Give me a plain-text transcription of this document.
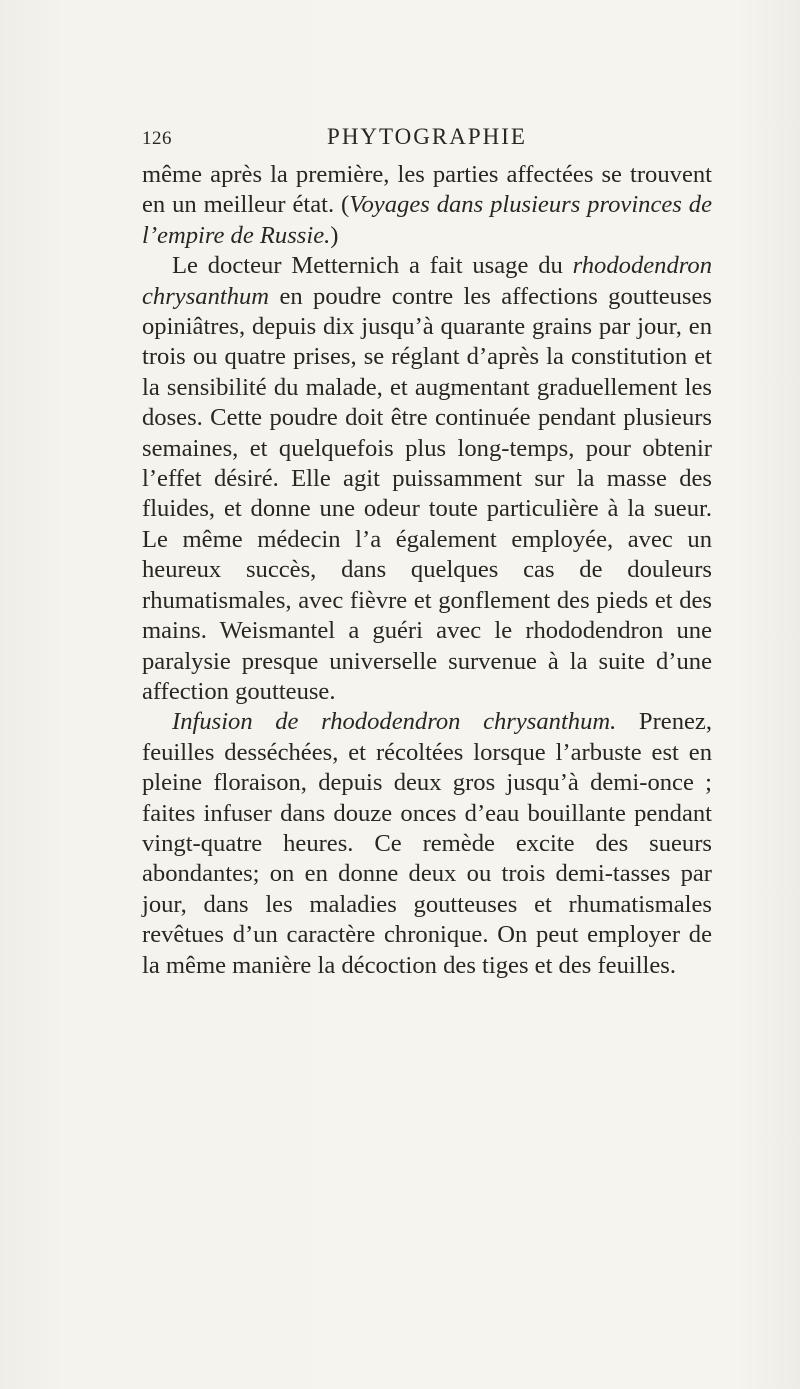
126	PHYTOGRAPHIE

même après la première, les parties affectées se trouvent en un meilleur état. (Voyages dans plusieurs provinces de l’empire de Russie.)

Le docteur Metternich a fait usage du rhododendron chrysanthum en poudre contre les affections goutteuses opiniâtres, depuis dix jusqu’à quarante grains par jour, en trois ou quatre prises, se réglant d’après la constitution et la sensibilité du malade, et augmentant graduellement les doses. Cette poudre doit être continuée pendant plusieurs semaines, et quelquefois plus long-temps, pour obtenir l’effet désiré. Elle agit puissamment sur la masse des fluides, et donne une odeur toute particulière à la sueur. Le même médecin l’a également employée, avec un heureux succès, dans quelques cas de douleurs rhumatismales, avec fièvre et gonflement des pieds et des mains. Weismantel a guéri avec le rhododendron une paralysie presque universelle survenue à la suite d’une affection goutteuse.

Infusion de rhododendron chrysanthum. Prenez, feuilles desséchées, et récoltées lorsque l’arbuste est en pleine floraison, depuis deux gros jusqu’à demi-once ; faites infuser dans douze onces d’eau bouillante pendant vingt-quatre heures. Ce remède excite des sueurs abondantes; on en donne deux ou trois demi-tasses par jour, dans les maladies goutteuses et rhumatismales revêtues d’un caractère chronique. On peut employer de la même manière la décoction des tiges et des feuilles.
